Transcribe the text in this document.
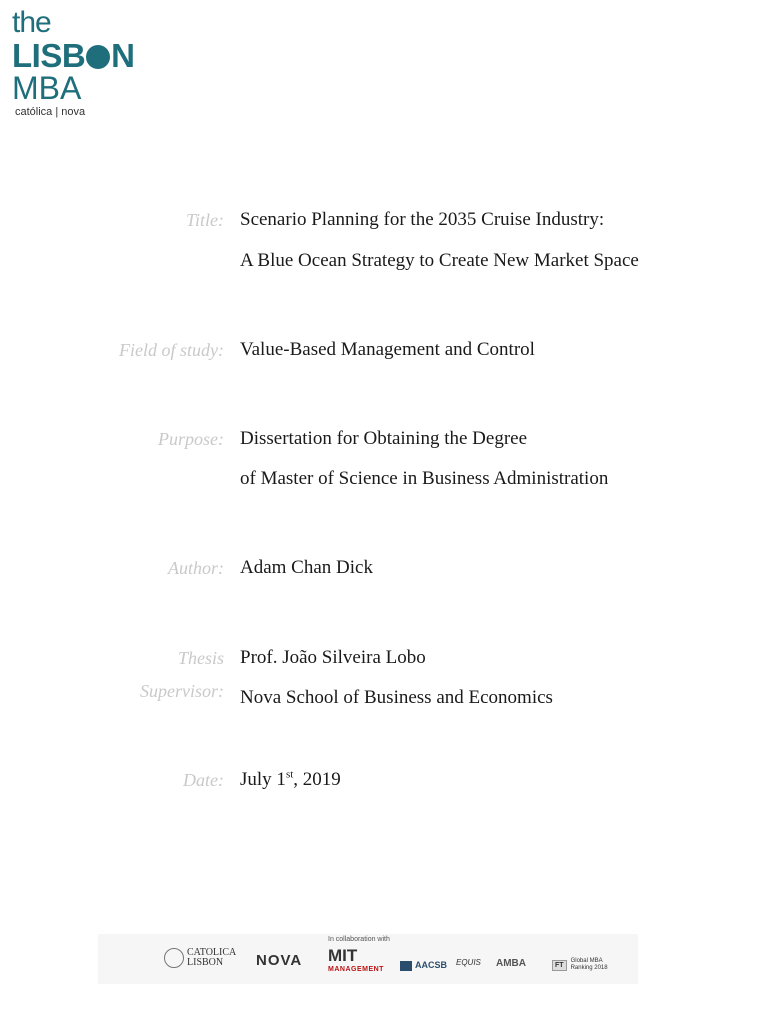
the
LISB N
MBA
católica | nova
Title: Scenario Planning for the 2035 Cruise Industry:
A Blue Ocean Strategy to Create New Market Space
Field of study: Value-Based Management and Control
Purpose: Dissertation for Obtaining the Degree
of Master of Science in Business Administration
Author: Adam Chan Dick
Thesis
Supervisor:
Prof. João Silveira Lobo
Nova School of Business and Economics
Date: July 1st, 2019
In collaboration with
CATOLICA
LISBON	NOVA MIT
MANAGEMENT	AACSB EQUIS AMBA	FTGlobal MBA
Ranking 2018
